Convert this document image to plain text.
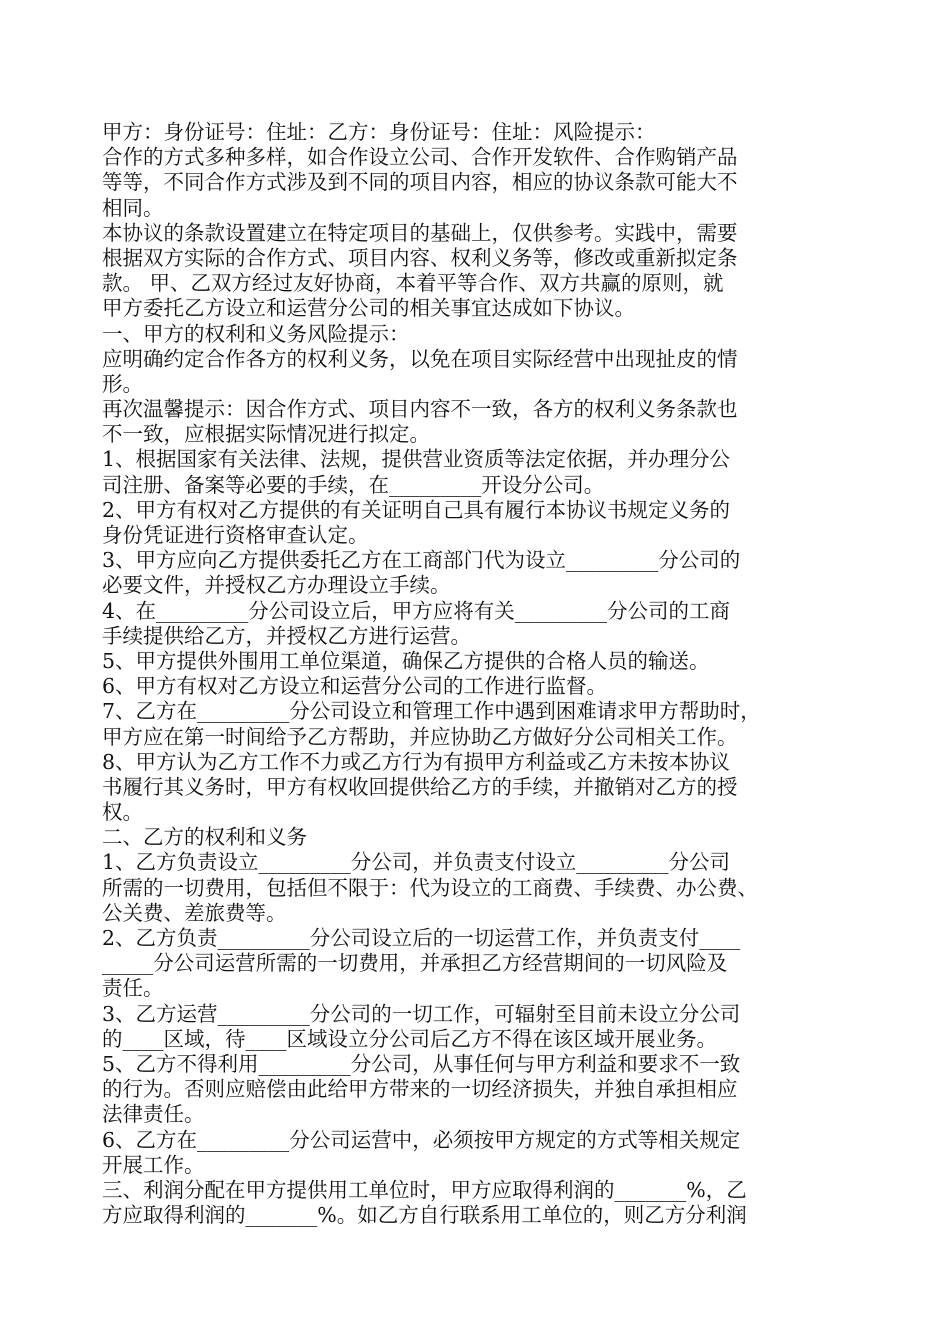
甲方：身份证号：住址：乙方：身份证号：住址：风险提示：
合作的方式多种多样，如合作设立公司、合作开发软件、合作购销产品
等等，不同合作方式涉及到不同的项目内容，相应的协议条款可能大不
相同。
本协议的条款设置建立在特定项目的基础上，仅供参考。实践中，需要
根据双方实际的合作方式、项目内容、权利义务等，修改或重新拟定条
款。 甲、乙双方经过友好协商，本着平等合作、双方共赢的原则，就
甲方委托乙方设立和运营分公司的相关事宜达成如下协议。
一、甲方的权利和义务风险提示：
应明确约定合作各方的权利义务，以免在项目实际经营中出现扯皮的情
形。
再次温馨提示：因合作方式、项目内容不一致，各方的权利义务条款也
不一致，应根据实际情况进行拟定。
1、根据国家有关法律、法规，提供营业资质等法定依据，并办理分公
司注册、备案等必要的手续，在_________开设分公司。
2、甲方有权对乙方提供的有关证明自己具有履行本协议书规定义务的
身份凭证进行资格审查认定。
3、甲方应向乙方提供委托乙方在工商部门代为设立_________分公司的
必要文件，并授权乙方办理设立手续。
4、在_________分公司设立后，甲方应将有关_________分公司的工商
手续提供给乙方，并授权乙方进行运营。
5、甲方提供外围用工单位渠道，确保乙方提供的合格人员的输送。
6、甲方有权对乙方设立和运营分公司的工作进行监督。
7、乙方在_________分公司设立和管理工作中遇到困难请求甲方帮助时，
甲方应在第一时间给予乙方帮助，并应协助乙方做好分公司相关工作。
8、甲方认为乙方工作不力或乙方行为有损甲方利益或乙方未按本协议
书履行其义务时，甲方有权收回提供给乙方的手续，并撤销对乙方的授
权。
二、乙方的权利和义务
1、乙方负责设立_________分公司，并负责支付设立_________分公司
所需的一切费用，包括但不限于：代为设立的工商费、手续费、办公费、
公关费、差旅费等。
2、乙方负责_________分公司设立后的一切运营工作，并负责支付____
_____分公司运营所需的一切费用，并承担乙方经营期间的一切风险及
责任。
3、乙方运营_________分公司的一切工作，可辐射至目前未设立分公司
的____区域，待____区域设立分公司后乙方不得在该区域开展业务。
5、乙方不得利用_________分公司，从事任何与甲方利益和要求不一致
的行为。否则应赔偿由此给甲方带来的一切经济损失，并独自承担相应
法律责任。
6、乙方在_________分公司运营中，必须按甲方规定的方式等相关规定
开展工作。
三、利润分配在甲方提供用工单位时，甲方应取得利润的_______%，乙
方应取得利润的_______%。如乙方自行联系用工单位的，则乙方分利润
